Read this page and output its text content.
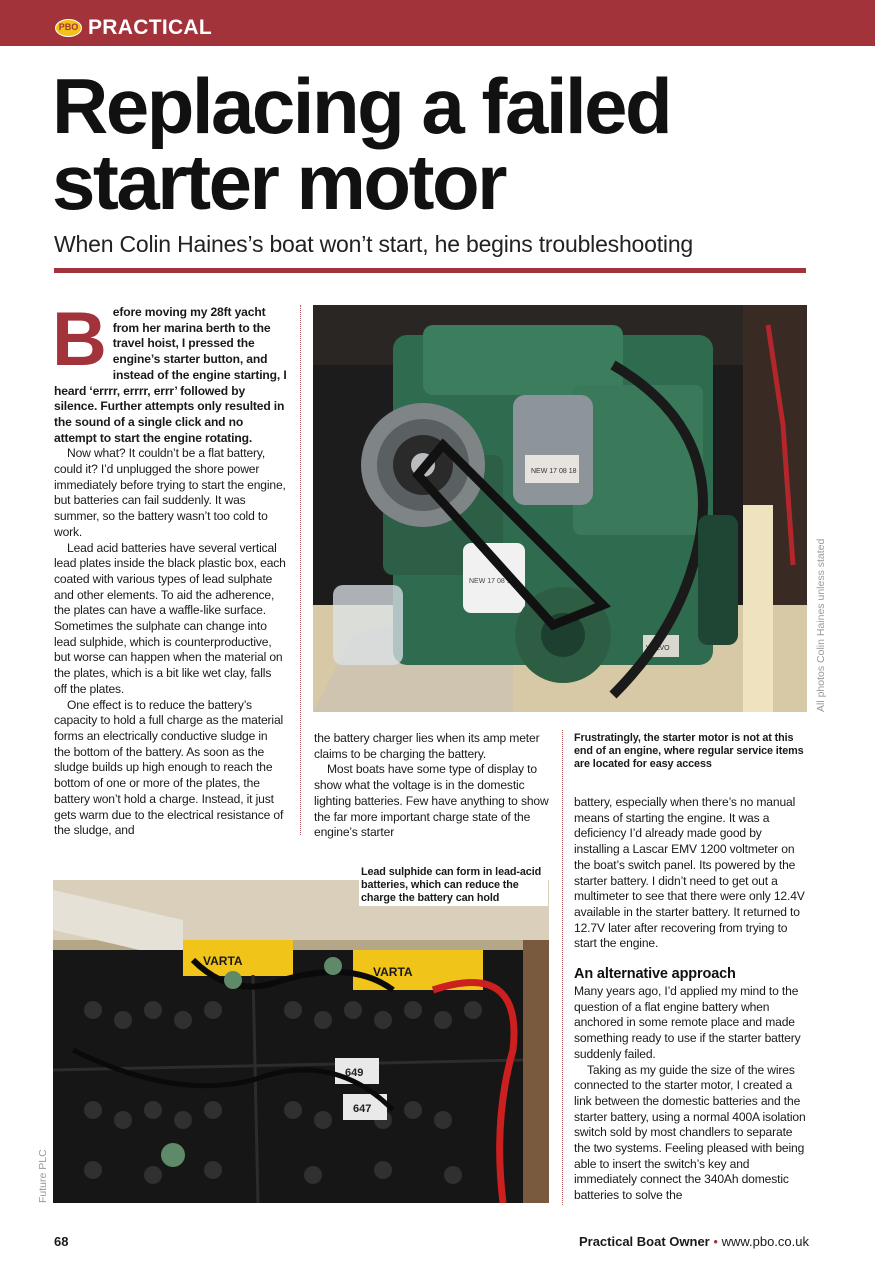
PBO PRACTICAL
Replacing a failed starter motor
When Colin Haines’s boat won’t start, he begins troubleshooting
B efore moving my 28ft yacht from her marina berth to the travel hoist, I pressed the engine’s starter button, and instead of the engine starting, I heard ‘errrr, errrr, errr’ followed by silence. Further attempts only resulted in the sound of a single click and no attempt to start the engine rotating.

Now what? It couldn’t be a flat battery, could it? I’d unplugged the shore power immediately before trying to start the engine, but batteries can fail suddenly. It was summer, so the battery wasn’t too cold to work.

Lead acid batteries have several vertical lead plates inside the black plastic box, each coated with various types of lead sulphate and other elements. To aid the adherence, the plates can have a waffle-like surface. Sometimes the sulphate can change into lead sulphide, which is counterproductive, but worse can happen when the material on the plates, which is a bit like wet clay, falls off the plates.

One effect is to reduce the battery’s capacity to hold a full charge as the material forms an electrically conductive sludge in the bottom of the battery. As soon as the sludge builds up high enough to reach the bottom of one or more of the plates, the battery won’t hold a charge. Instead, it just gets warm due to the electrical resistance of the sludge, and

NEW 17 08 18
NEW 17 08 18
VOLVO	All photos Colin Haines unless stated

the battery charger lies when its amp meter claims to be charging the battery.

Most boats have some type of display to show what the voltage is in the domestic lighting batteries. Few have anything to show the far more important charge state of the engine’s starter

Frustratingly, the starter motor is not at this end of an engine, where regular service items are located for easy access

battery, especially when there’s no manual means of starting the engine. It was a deficiency I’d already made good by installing a Lascar EMV 1200 voltmeter on the boat’s switch panel. Its powered by the starter battery. I didn’t need to get out a multimeter to see that there were only 12.4V available in the starter battery. It returned to 12.7V later after recovering from trying to start the engine.

An alternative approach

Many years ago, I’d applied my mind to the question of a flat engine battery when anchored in some remote place and made something ready to use if the starter battery suddenly failed.

Taking as my guide the size of the wires connected to the starter motor, I created a link between the domestic batteries and the starter battery, using a normal 400A isolation switch sold by most chandlers to separate the two systems. Feeling pleased with being able to insert the switch’s key and immediately connect the 340Ah domestic batteries to solve the

VARTA
VARTA
649
647
Lead sulphide can form in lead-acid batteries, which can reduce the charge the battery can hold
Future PLC
68	Practical Boat Owner • www.pbo.co.uk
